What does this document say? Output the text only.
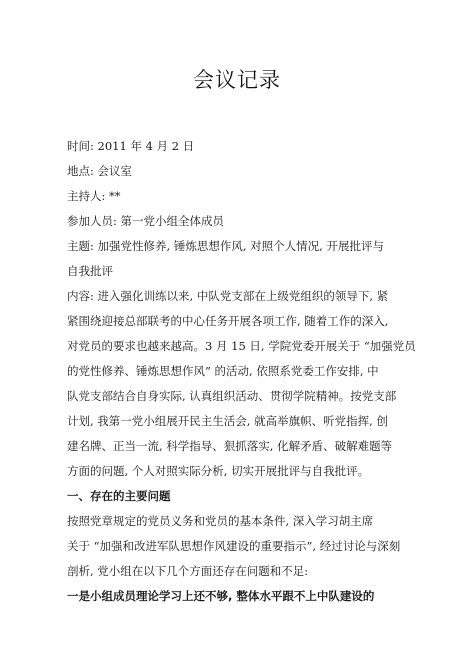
会议记录
时间: 2011 年 4 月 2 日
地点: 会议室
主持人: **
参加人员: 第一党小组全体成员
主题: 加强党性修养, 锤炼思想作风, 对照个人情况, 开展批评与
自我批评
内容: 进入强化训练以来, 中队党支部在上级党组织的领导下, 紧
紧围绕迎接总部联考的中心任务开展各项工作, 随着工作的深入,
对党员的要求也越来越高。3 月 15 日, 学院党委开展关于 “加强党员
的党性修养、锤炼思想作风” 的活动, 依照系党委工作安排, 中
队党支部结合自身实际, 认真组织活动、贯彻学院精神。按党支部
计划, 我第一党小组展开民主生活会, 就高举旗帜、听党指挥, 创
建名牌、正当一流, 科学指导、狠抓落实, 化解矛盾、破解难题等
方面的问题, 个人对照实际分析, 切实开展批评与自我批评。
一、存在的主要问题
按照党章规定的党员义务和党员的基本条件, 深入学习胡主席
关于 “加强和改进军队思想作风建设的重要指示”, 经过讨论与深刻
剖析, 党小组在以下几个方面还存在问题和不足:
一是小组成员理论学习上还不够, 整体水平跟不上中队建设的
